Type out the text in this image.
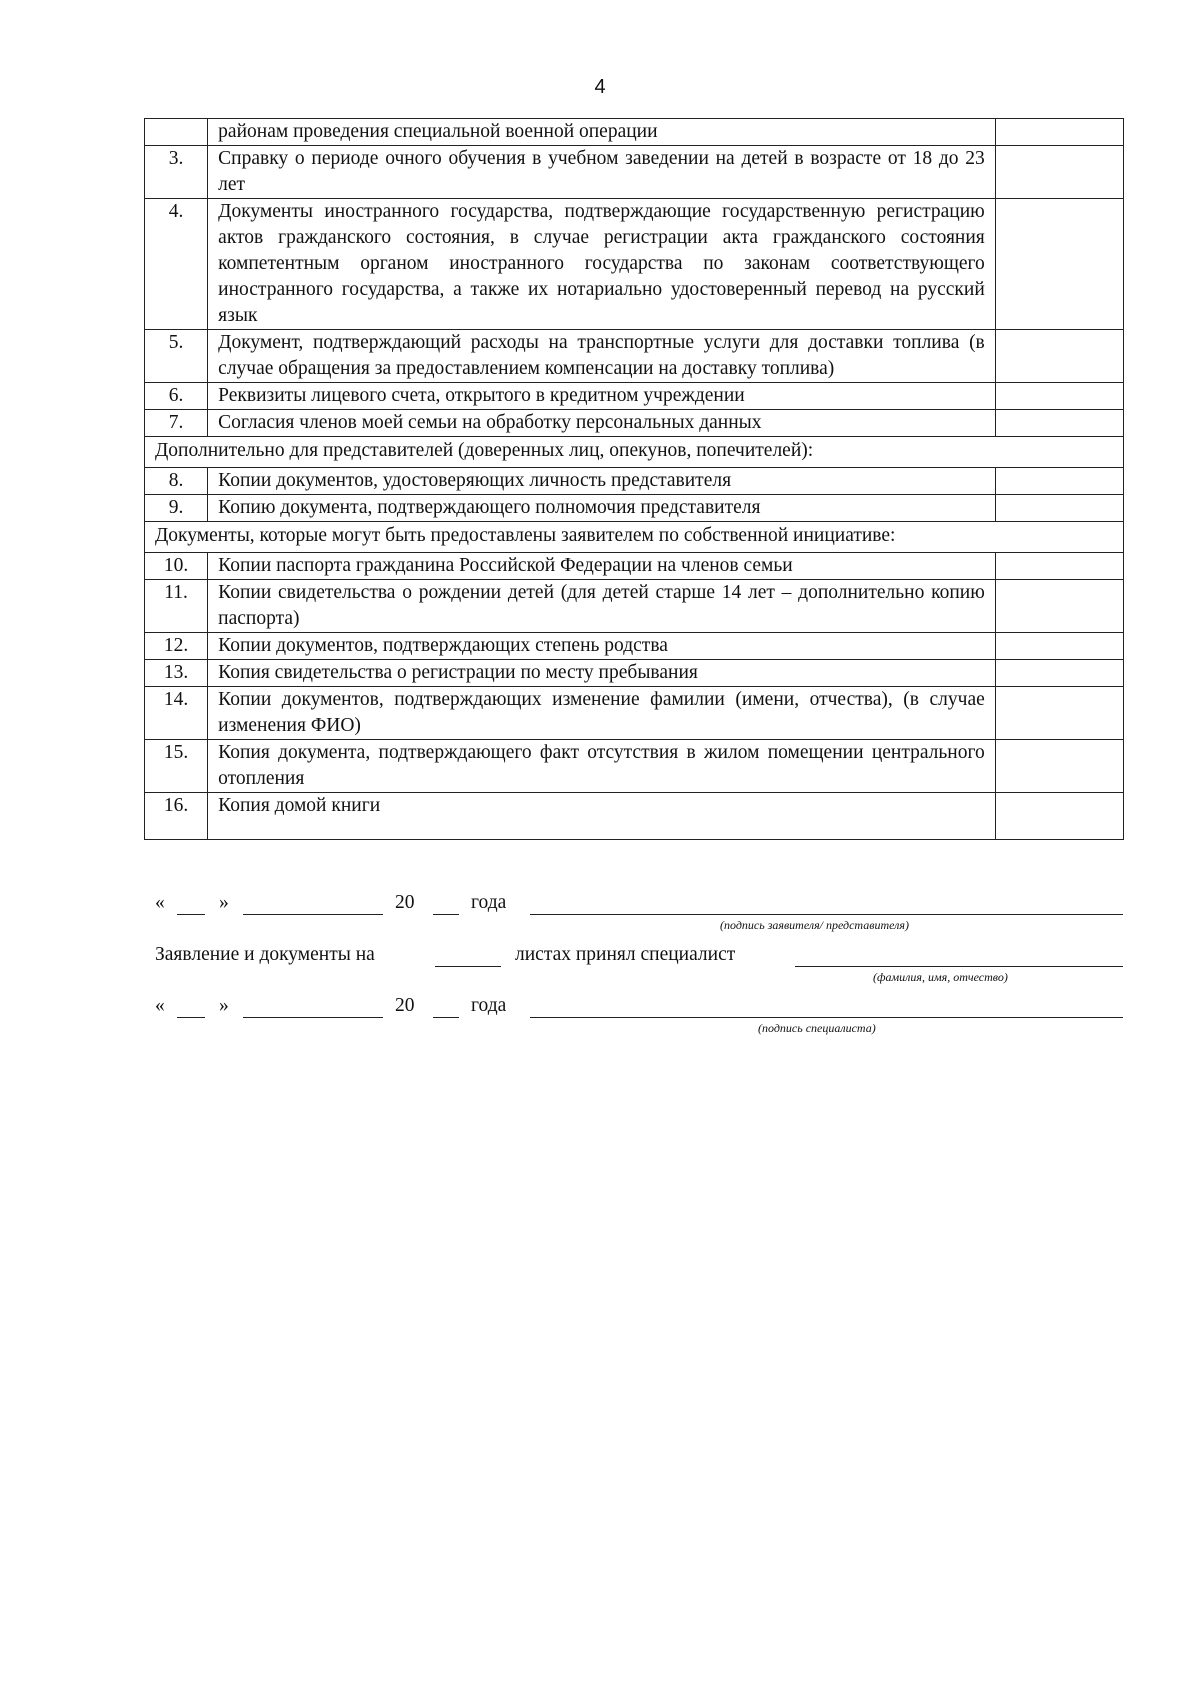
4
	районам проведения специальной военной операции	
3.	Справку о периоде очного обучения в учебном заведении на детей в возрасте от 18 до 23 лет	
4.	Документы иностранного государства, подтверждающие государственную регистрацию актов гражданского состояния, в случае регистрации акта гражданского состояния компетентным органом иностранного государства по законам соответствующего иностранного государства, а также их нотариально удостоверенный перевод на русский язык	
5.	Документ, подтверждающий расходы на транспортные услуги для доставки топлива (в случае обращения за предоставлением компенсации на доставку топлива)	
6.	Реквизиты лицевого счета, открытого в кредитном учреждении	
7.	Согласия членов моей семьи на обработку персональных данных	
Дополнительно для представителей (доверенных лиц, опекунов, попечителей):		
8.	Копии документов, удостоверяющих личность представителя	
9.	Копию документа, подтверждающего полномочия представителя	
Документы, которые могут быть предоставлены заявителем по собственной инициативе:		
10.	Копии паспорта гражданина Российской Федерации на членов семьи	
11.	Копии свидетельства о рождении детей (для детей старше 14 лет – дополнительно копию паспорта)	
12.	Копии документов, подтверждающих степень родства	
13.	Копия свидетельства о регистрации по месту пребывания	
14.	Копии документов, подтверждающих изменение фамилии (имени, отчества), (в случае изменения ФИО)	
15.	Копия документа, подтверждающего факт отсутствия в жилом помещении центрального отопления	
16.	Копия домой книги	
«	»	20	года
(подпись заявителя/ представителя)
Заявление и документы на	листах принял специалист
(фамилия, имя, отчество)
«	»	20	года
(подпись специалиста)
